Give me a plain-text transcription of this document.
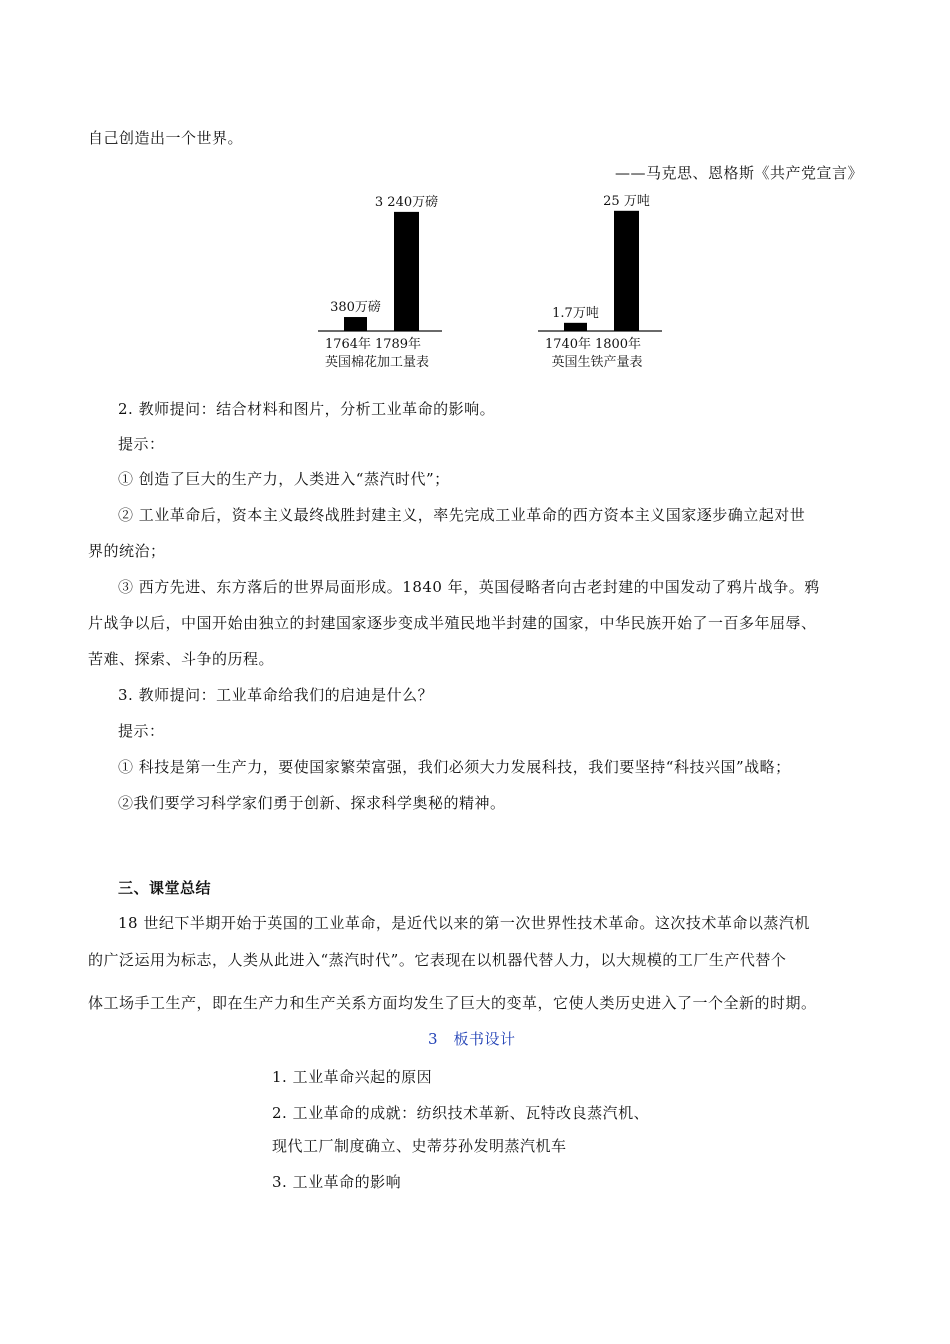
自己创造出一个世界。
——马克思、恩格斯《共产党宣言》
380万磅
1764年
3 240万磅
1789年
英国棉花加工量表
1.7万吨
1740年
25 万吨
1800年
英国生铁产量表
2. 教师提问：结合材料和图片，分析工业革命的影响。
提示：
① 创造了巨大的生产力，人类进入“蒸汽时代”；
② 工业革命后，资本主义最终战胜封建主义，率先完成工业革命的西方资本主义国家逐步确立起对世
界的统治；
③ 西方先进、东方落后的世界局面形成。1840 年，英国侵略者向古老封建的中国发动了鸦片战争。鸦
片战争以后，中国开始由独立的封建国家逐步变成半殖民地半封建的国家，中华民族开始了一百多年屈辱、
苦难、探索、斗争的历程。
3. 教师提问：工业革命给我们的启迪是什么？
提示：
① 科技是第一生产力，要使国家繁荣富强，我们必须大力发展科技，我们要坚持“科技兴国”战略；
②我们要学习科学家们勇于创新、探求科学奥秘的精神。
三、课堂总结
18 世纪下半期开始于英国的工业革命，是近代以来的第一次世界性技术革命。这次技术革命以蒸汽机
的广泛运用为标志，人类从此进入“蒸汽时代”。它表现在以机器代替人力，以大规模的工厂生产代替个
体工场手工生产，即在生产力和生产关系方面均发生了巨大的变革，它使人类历史进入了一个全新的时期。
3　板书设计
1. 工业革命兴起的原因
2. 工业革命的成就：纺织技术革新、瓦特改良蒸汽机、
现代工厂制度确立、史蒂芬孙发明蒸汽机车
3. 工业革命的影响
